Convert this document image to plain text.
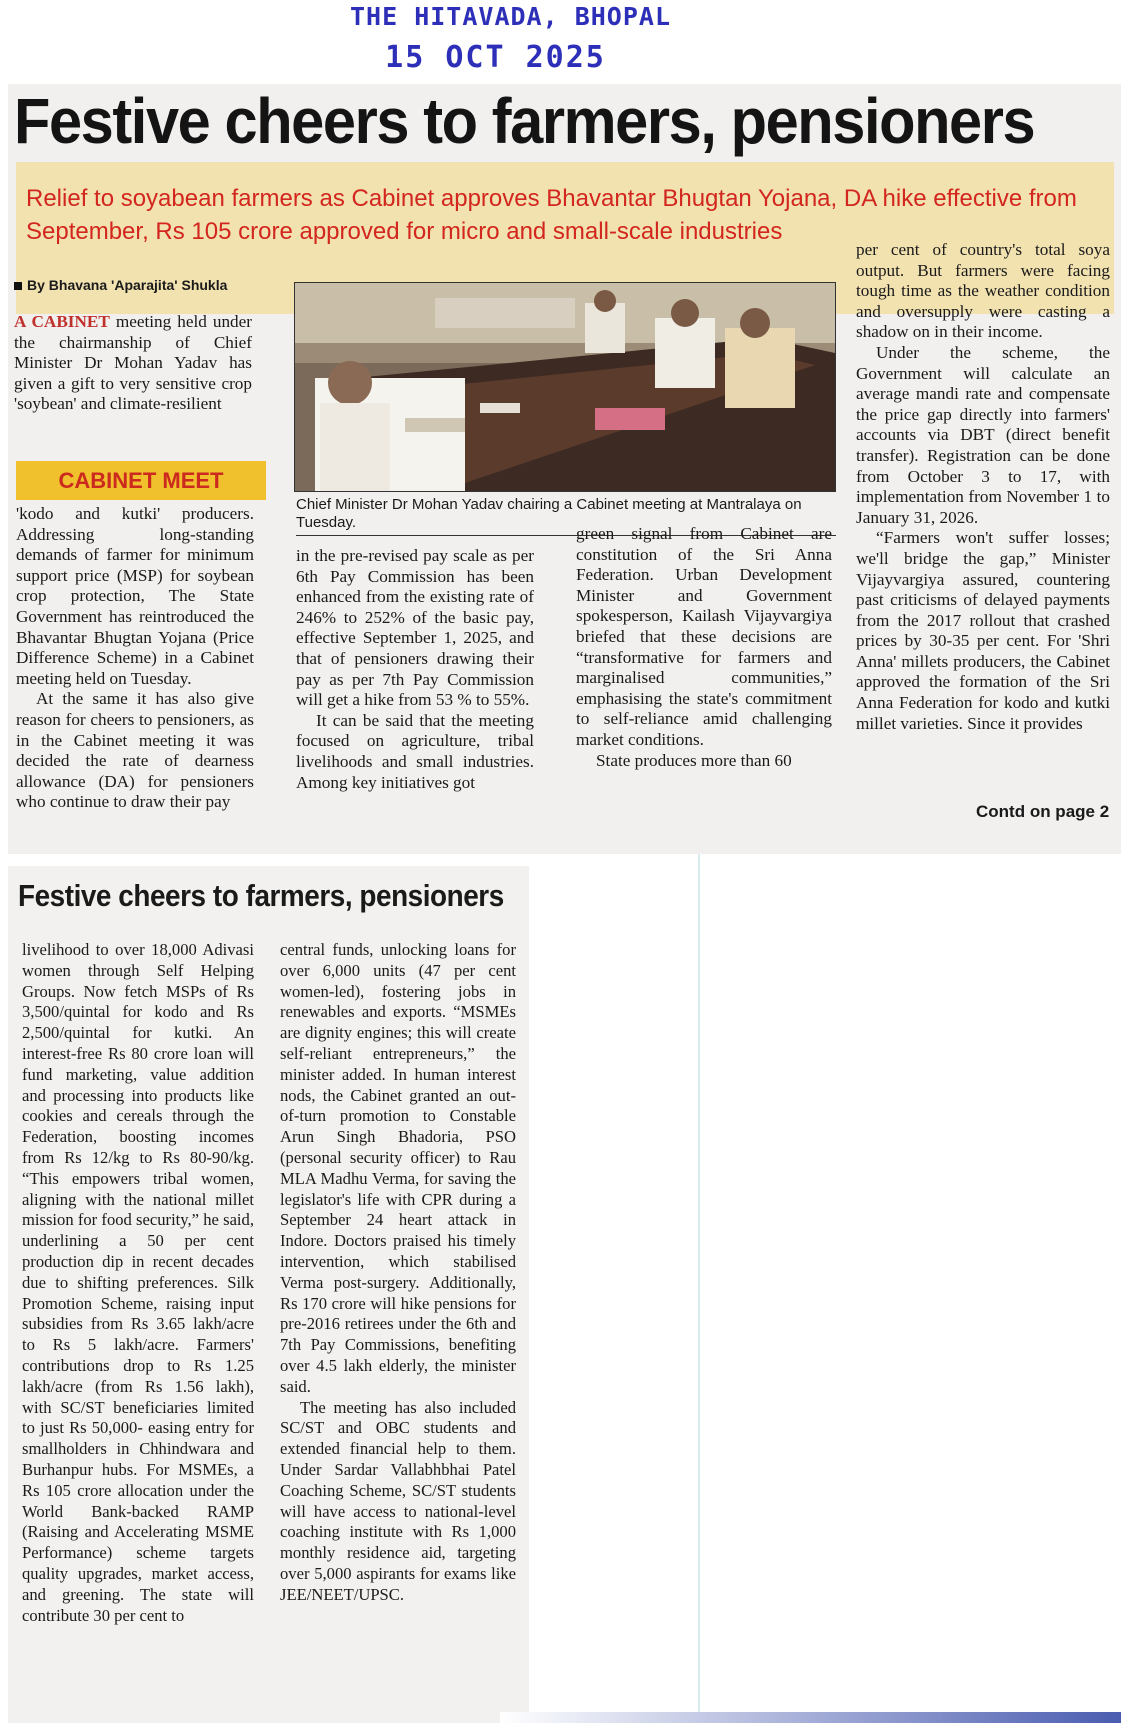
THE HITAVADA, BHOPAL
15 OCT 2025
Festive cheers to farmers, pensioners

Relief to soyabean farmers as Cabinet approves Bhavantar Bhugtan Yojana, DA hike effective from September, Rs 105 crore approved for micro and small-scale industries

By Bhavana 'Aparajita' Shukla

A CABINET meeting held under the chairmanship of Chief Minister Dr Mohan Yadav has given a gift to very sensitive crop 'soybean' and climate-resilient

CABINET MEET

'kodo and kutki' producers. Addressing long-standing demands of farmer for minimum support price (MSP) for soybean crop protection, The State Government has reintroduced the Bhavantar Bhugtan Yojana (Price Difference Scheme) in a Cabinet meeting held on Tuesday.

At the same it has also give reason for cheers to pensioners, as in the Cabinet meeting it was decided the rate of dearness allowance (DA) for pensioners who continue to draw their pay

Chief Minister Dr Mohan Yadav chairing a Cabinet meeting at Mantralaya on Tuesday.

in the pre-revised pay scale as per 6th Pay Commission has been enhanced from the existing rate of 246% to 252% of the basic pay, effective September 1, 2025, and that of pensioners drawing their pay as per 7th Pay Commission will get a hike from 53 % to 55%.

It can be said that the meeting focused on agriculture, tribal livelihoods and small industries. Among key initiatives got

green signal from Cabinet are constitution of the Sri Anna Federation. Urban Development Minister and Government spokesperson, Kailash Vijayvargiya briefed that these decisions are “transformative for farmers and marginalised communities,” emphasising the state's commitment to self-reliance amid challenging market conditions.

State produces more than 60

per cent of country's total soya output. But farmers were facing tough time as the weather condition and oversupply were casting a shadow on in their income.

Under the scheme, the Government will calculate an average mandi rate and compensate the price gap directly into farmers' accounts via DBT (direct benefit transfer). Registration can be done from October 3 to 17, with implementation from November 1 to January 31, 2026.

“Farmers won't suffer losses; we'll bridge the gap,” Minister Vijayvargiya assured, countering past criticisms of delayed payments from the 2017 rollout that crashed prices by 30-35 per cent. For 'Shri Anna' millets producers, the Cabinet approved the formation of the Sri Anna Federation for kodo and kutki millet varieties. Since it provides

Contd on page 2
Festive cheers to farmers, pensioners

livelihood to over 18,000 Adivasi women through Self Helping Groups. Now fetch MSPs of Rs 3,500/quintal for kodo and Rs 2,500/quintal for kutki. An interest-free Rs 80 crore loan will fund marketing, value addition and processing into products like cookies and cereals through the Federation, boosting incomes from Rs 12/kg to Rs 80-90/kg. “This empowers tribal women, aligning with the national millet mission for food security,” he said, underlining a 50 per cent production dip in recent decades due to shifting preferences. Silk Promotion Scheme, raising input subsidies from Rs 3.65 lakh/acre to Rs 5 lakh/acre. Farmers' contributions drop to Rs 1.25 lakh/acre (from Rs 1.56 lakh), with SC/ST beneficiaries limited to just Rs 50,000- easing entry for smallholders in Chhindwara and Burhanpur hubs. For MSMEs, a Rs 105 crore allocation under the World Bank-backed RAMP (Raising and Accelerating MSME Performance) scheme targets quality upgrades, market access, and greening. The state will contribute 30 per cent to

central funds, unlocking loans for over 6,000 units (47 per cent women-led), fostering jobs in renewables and exports. “MSMEs are dignity engines; this will create self-reliant entrepreneurs,” the minister added. In human interest nods, the Cabinet granted an out-of-turn promotion to Constable Arun Singh Bhadoria, PSO (personal security officer) to Rau MLA Madhu Verma, for saving the legislator's life with CPR during a September 24 heart attack in Indore. Doctors praised his timely intervention, which stabilised Verma post-surgery. Additionally, Rs 170 crore will hike pensions for pre-2016 retirees under the 6th and 7th Pay Commissions, benefiting over 4.5 lakh elderly, the minister said.

The meeting has also included SC/ST and OBC students and extended financial help to them. Under Sardar Vallabhbhai Patel Coaching Scheme, SC/ST students will have access to national-level coaching institute with Rs 1,000 monthly residence aid, targeting over 5,000 aspirants for exams like JEE/NEET/UPSC.
